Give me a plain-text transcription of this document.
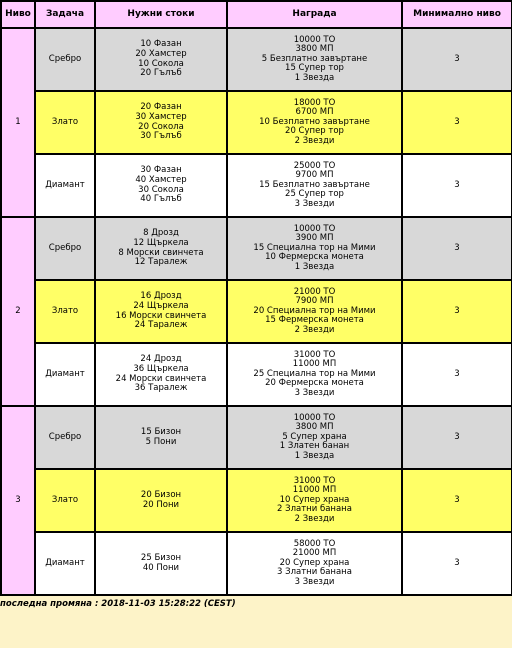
Ниво	Задача	Нужни стоки	Награда	Минимално ниво
1	Сребро	10 Фазан
20 Хамстер
10 Сокола
20 Гълъб	10000 ТО
3800 МП
5 Безплатно завъртане
15 Супер тор
1 Звезда	3
	Злато	20 Фазан
30 Хамстер
20 Сокола
30 Гълъб	18000 ТО
6700 МП
10 Безплатно завъртане
20 Супер тор
2 Звезди	3
	Диамант	30 Фазан
40 Хамстер
30 Сокола
40 Гълъб	25000 ТО
9700 МП
15 Безплатно завъртане
25 Супер тор
3 Звезди	3
2	Сребро	8 Дрозд
12 Щъркела
8 Морски свинчета
12 Таралеж	10000 ТО
3900 МП
15 Специална тор на Мими
10 Фермерска монета
1 Звезда	3
	Злато	16 Дрозд
24 Щъркела
16 Морски свинчета
24 Таралеж	21000 ТО
7900 МП
20 Специална тор на Мими
15 Фермерска монета
2 Звезди	3
	Диамант	24 Дрозд
36 Щъркела
24 Морски свинчета
36 Таралеж	31000 ТО
11000 МП
25 Специална тор на Мими
20 Фермерска монета
3 Звезди	3
3	Сребро	15 Бизон
5 Пони	10000 ТО
3800 МП
5 Супер храна
1 Златен банан
1 Звезда	3
	Злато	20 Бизон
20 Пони	31000 ТО
11000 МП
10 Супер храна
2 Златни банана
2 Звезди	3
	Диамант	25 Бизон
40 Пони	58000 ТО
21000 МП
20 Супер храна
3 Златни банана
3 Звезди	3
последна промяна : 2018-11-03 15:28:22 (CEST)
